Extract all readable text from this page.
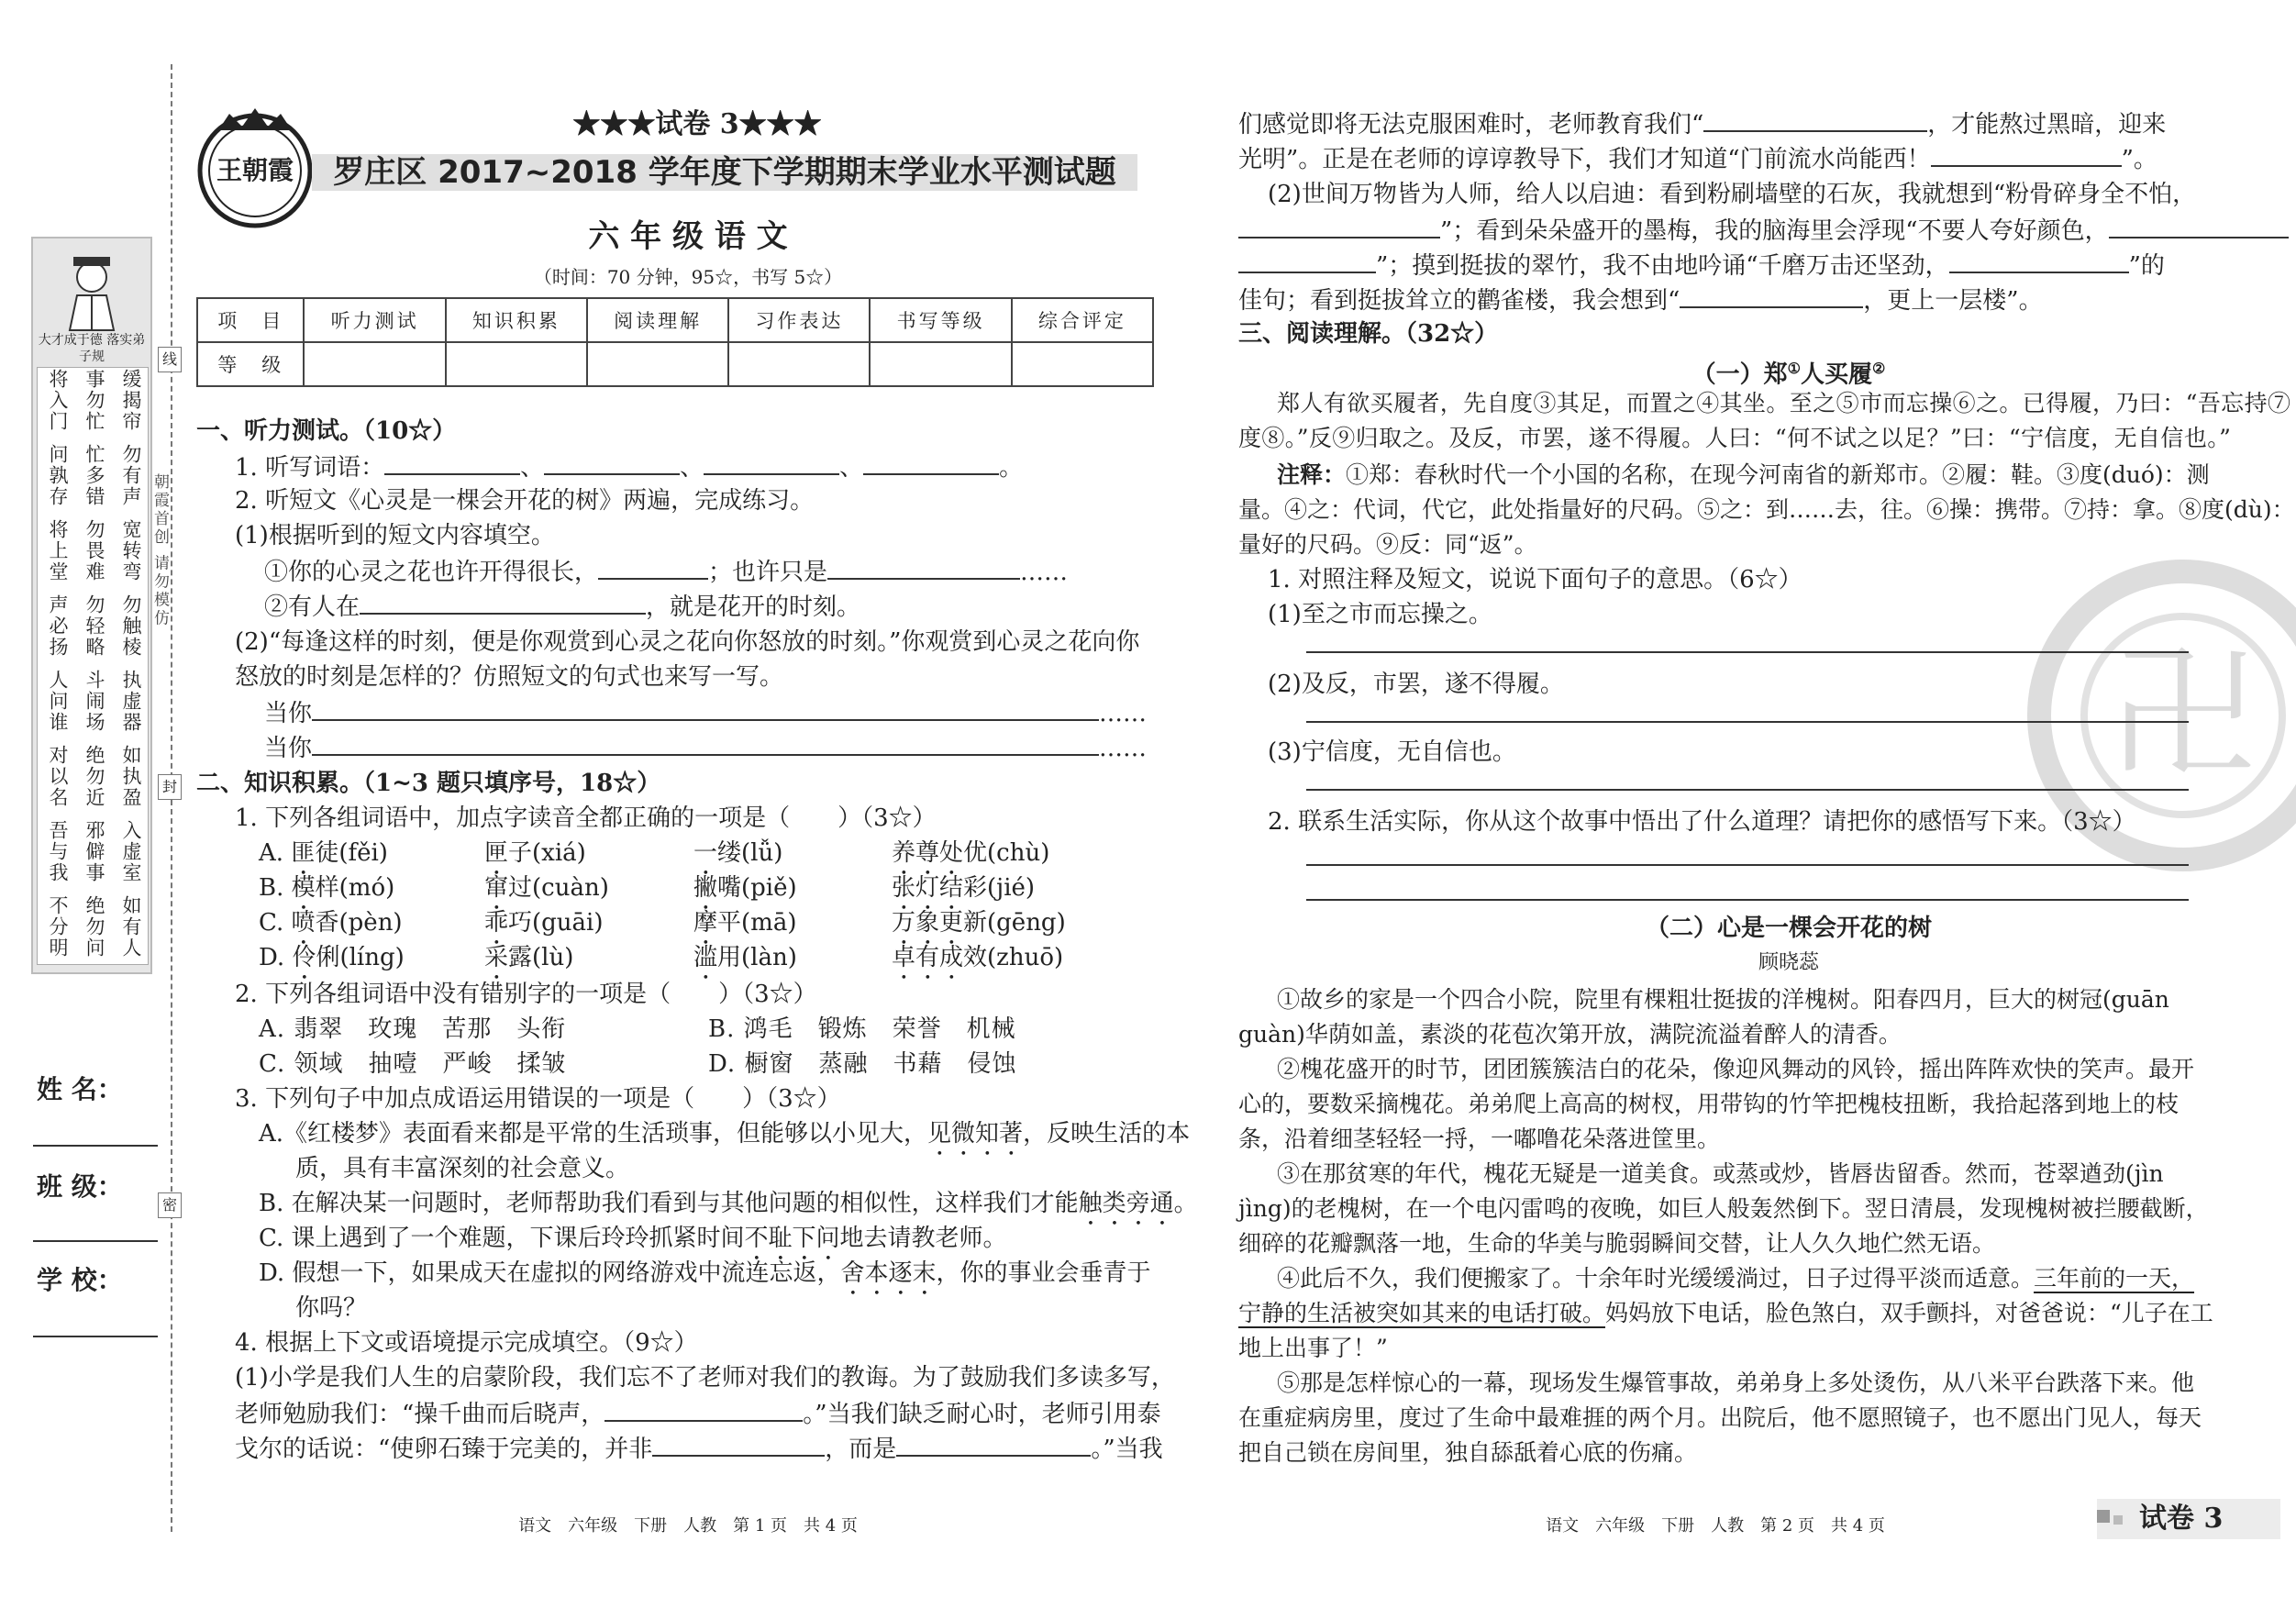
大才成于德 落实弟子规
将入门 事勿忙 缓揭帘
问孰存 忙多错 勿有声
将上堂 勿畏难 宽转弯
声必扬 勿轻略 勿触棱
人问谁 斗闹场 执虚器
对以名 绝勿近 如执盈
吾与我 邪僻事 入虚室
不分明 绝勿问 如有人
姓 名：
班 级：
学 校：
朝霞首创 请勿模仿
线
封
密
王朝霞
★★★试卷 3★★★
罗庄区 2017~2018 学年度下学期期末学业水平测试题
六 年 级 语 文
（时间：70 分钟，95☆，书写 5☆）
项　目	听力测试	知识积累	阅读理解	习作表达	书写等级	综合评定
等　级						
一、听力测试。（10☆）
1. 听写词语：	、	、	、	。
2. 听短文《心灵是一棵会开花的树》两遍，完成练习。
(1)根据听到的短文内容填空。
①你的心灵之花也许开得很长，	；也许只是	……
②有人在	，就是花开的时刻。
(2)“每逢这样的时刻，便是你观赏到心灵之花向你怒放的时刻。”你观赏到心灵之花向你
怒放的时刻是怎样的？仿照短文的句式也来写一写。
当你	……
当你	……
二、知识积累。（1~3 题只填序号，18☆）
1. 下列各组词语中，加点字读音全都正确的一项是（　　）（3☆）
A. 匪徒(fěi)	匣子(xiá)	一缕(lǚ)	养尊处优(chù)
B. 模样(mó)	窜过(cuàn)	撇嘴(piě)	张灯结彩(jié)
C. 喷香(pèn)	乖巧(guāi)	摩平(mā)	万象更新(gēng)
D. 伶俐(líng)	采露(lù)	滥用(làn)	卓有成效(zhuō)
2. 下列各组词语中没有错别字的一项是（　　）（3☆）
A. 翡翠　玫瑰　苦那　头衔	B. 鸿毛　锻炼　荣誉　机械
C. 领域　抽噎　严峻　揉皱	D. 橱窗　蒸融　书藉　侵蚀
3. 下列句子中加点成语运用错误的一项是（　　）（3☆）
A.《红楼梦》表面看来都是平常的生活琐事，但能够以小见大，见微知著，反映生活的本
质，具有丰富深刻的社会意义。
B. 在解决某一问题时，老师帮助我们看到与其他问题的相似性，这样我们才能触类旁通。
C. 课上遇到了一个难题，下课后玲玲抓紧时间不耻下问地去请教老师。
D. 假想一下，如果成天在虚拟的网络游戏中流连忘返，舍本逐末，你的事业会垂青于
你吗？
4. 根据上下文或语境提示完成填空。（9☆）
(1)小学是我们人生的启蒙阶段，我们忘不了老师对我们的教诲。为了鼓励我们多读多写，
老师勉励我们：“操千曲而后晓声，	。”当我们缺乏耐心时，老师引用泰
戈尔的话说：“使卵石臻于完美的，并非	，而是	。”当我
语文　六年级　下册　人教　第 1 页　共 4 页
卍
们感觉即将无法克服困难时，老师教育我们“	，才能熬过黑暗，迎来
光明”。正是在老师的谆谆教导下，我们才知道“门前流水尚能西！	”。
(2)世间万物皆为人师，给人以启迪：看到粉刷墙壁的石灰，我就想到“粉骨碎身全不怕，
”；看到朵朵盛开的墨梅，我的脑海里会浮现“不要人夸好颜色，
”；摸到挺拔的翠竹，我不由地吟诵“千磨万击还坚劲，	”的
佳句；看到挺拔耸立的鹳雀楼，我会想到“	，更上一层楼”。
三、阅读理解。（32☆）
（一）郑①人买履②
郑人有欲买履者，先自度③其足，而置之④其坐。至之⑤市而忘操⑥之。已得履，乃曰：“吾忘持⑦
度⑧。”反⑨归取之。及反，市罢，遂不得履。人曰：“何不试之以足？”曰：“宁信度，无自信也。”
注释：①郑：春秋时代一个小国的名称，在现今河南省的新郑市。②履：鞋。③度(duó)：测
量。④之：代词，代它，此处指量好的尺码。⑤之：到……去，往。⑥操：携带。⑦持：拿。⑧度(dù)：
量好的尺码。⑨反：同“返”。
1. 对照注释及短文，说说下面句子的意思。（6☆）
(1)至之市而忘操之。
(2)及反，市罢，遂不得履。
(3)宁信度，无自信也。
2. 联系生活实际，你从这个故事中悟出了什么道理？请把你的感悟写下来。（3☆）
（二）心是一棵会开花的树
顾晓蕊
①故乡的家是一个四合小院，院里有棵粗壮挺拔的洋槐树。阳春四月，巨大的树冠(guān
guàn)华荫如盖，素淡的花苞次第开放，满院流溢着醉人的清香。
②槐花盛开的时节，团团簇簇洁白的花朵，像迎风舞动的风铃，摇出阵阵欢快的笑声。最开
心的，要数采摘槐花。弟弟爬上高高的树杈，用带钩的竹竿把槐枝扭断，我拾起落到地上的枝
条，沿着细茎轻轻一捋，一嘟噜花朵落进筐里。
③在那贫寒的年代，槐花无疑是一道美食。或蒸或炒，皆唇齿留香。然而，苍翠遒劲(jìn
jìng)的老槐树，在一个电闪雷鸣的夜晚，如巨人般轰然倒下。翌日清晨，发现槐树被拦腰截断，
细碎的花瓣飘落一地，生命的华美与脆弱瞬间交替，让人久久地伫然无语。
④此后不久，我们便搬家了。十余年时光缓缓淌过，日子过得平淡而适意。三年前的一天，
宁静的生活被突如其来的电话打破。妈妈放下电话，脸色煞白，双手颤抖，对爸爸说：“儿子在工
地上出事了！”
⑤那是怎样惊心的一幕，现场发生爆管事故，弟弟身上多处烫伤，从八米平台跌落下来。他
在重症病房里，度过了生命中最难捱的两个月。出院后，他不愿照镜子，也不愿出门见人，每天
把自己锁在房间里，独自舔舐着心底的伤痛。
语文　六年级　下册　人教　第 2 页　共 4 页	试卷 3
